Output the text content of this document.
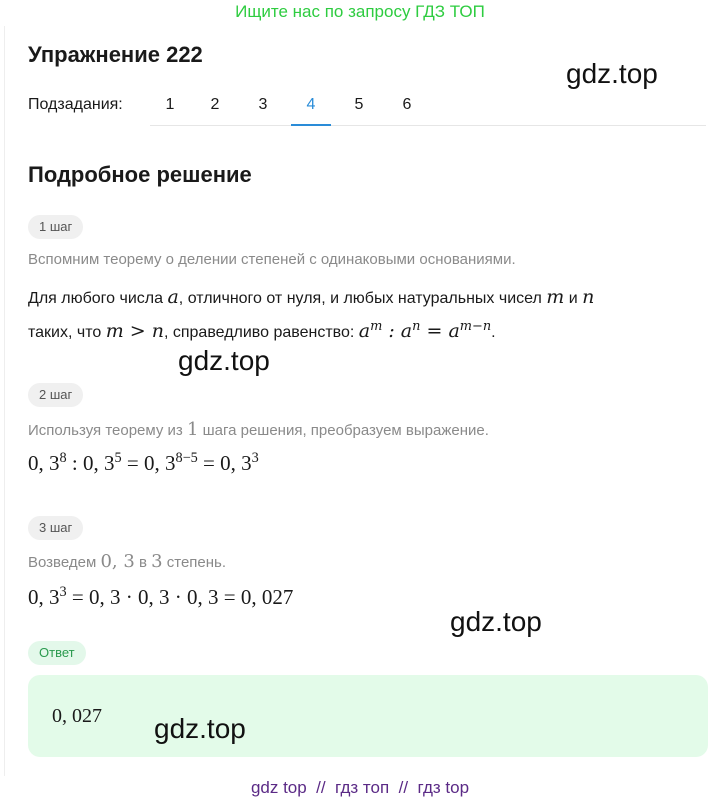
Ищите нас по запросу ГДЗ ТОП
Упражнение 222
Подзадания:	1	2	3	4	5	6
Подробное решение
1 шаг
Вспомним теорему о делении степеней с одинаковыми основаниями.
Для любого числа a, отличного от нуля, и любых натуральных чисел m и n
таких, что m > n, справедливо равенство: $a^m$ : $a^n = a^{m-n}$.
2 шаг
Используя теорему из 1 шага решения, преобразуем выражение.
0, $3^8$ : 0, $3^5 = 0$, $3^{8-5} = 0$, $3^3$
3 шаг
Возведем 0, 3 в 3 степень.
0, $3^3 = 0$, 3 · 0, 3 · 0, 3 = 0, 027
Ответ
0, 027
gdz.top
gdz.top
gdz.top
gdz.top
gdz top  //  гдз топ  //  гдз top
